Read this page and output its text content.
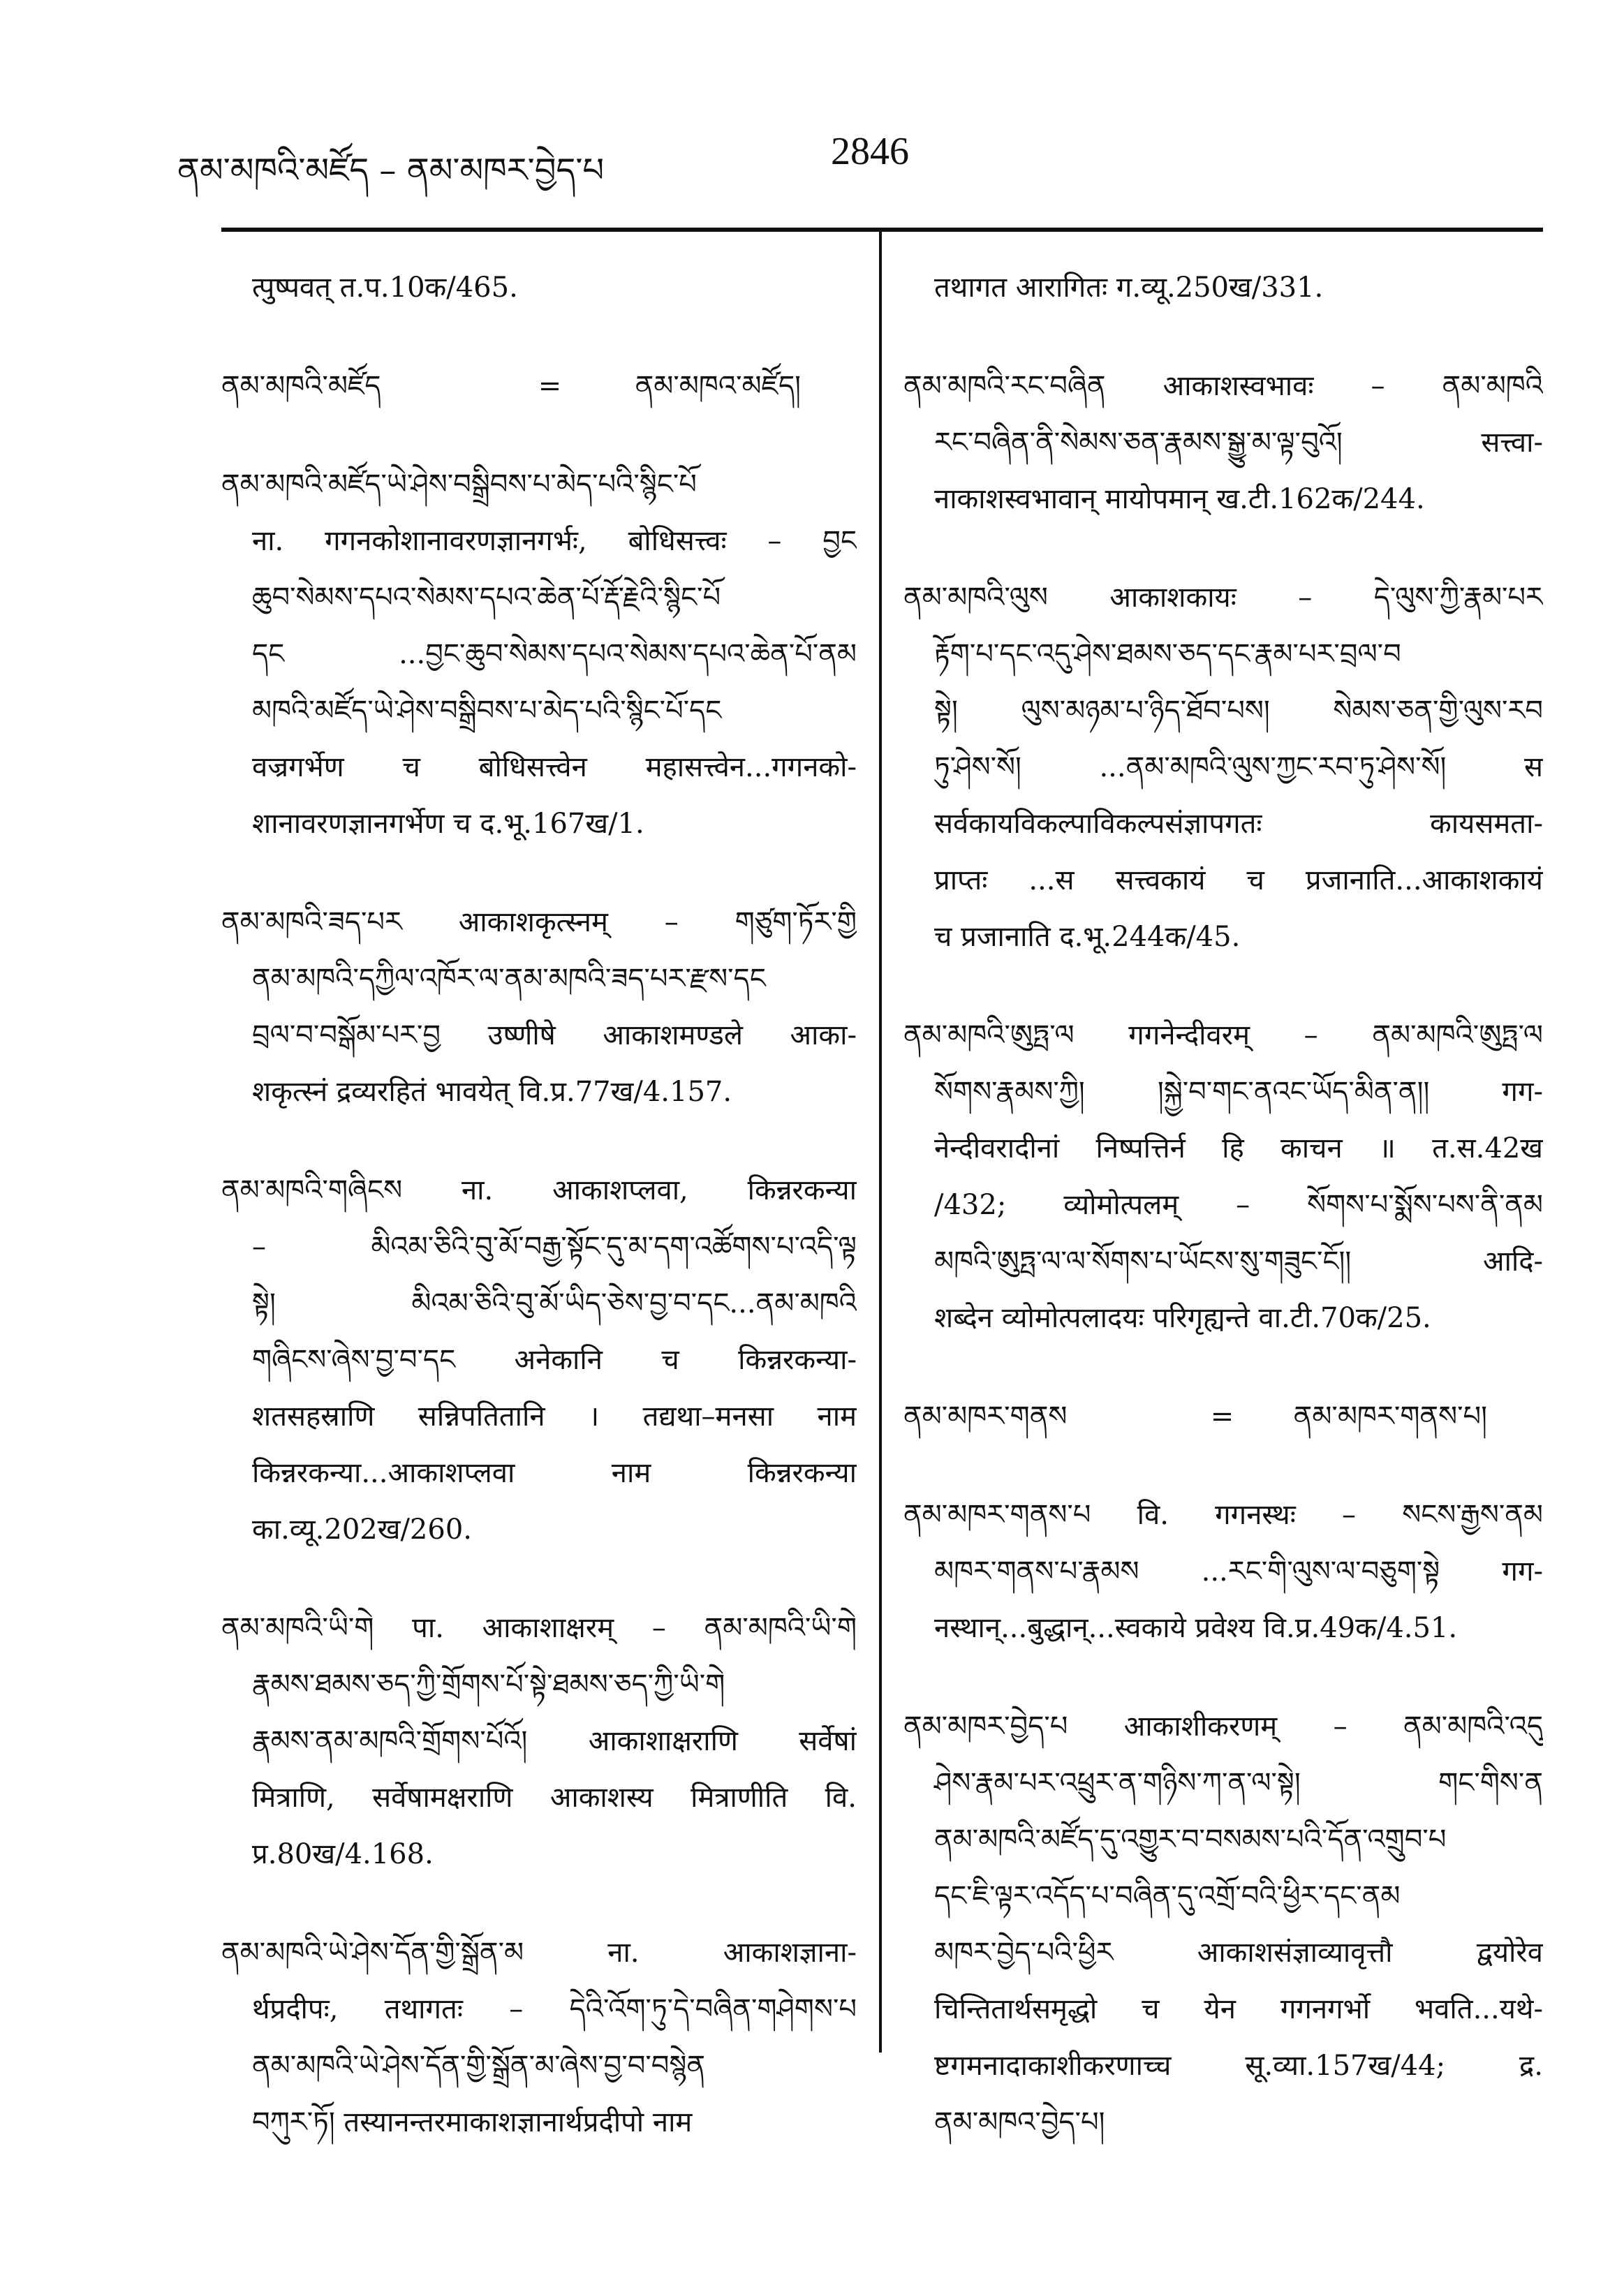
ནམ་མཁའི་མཛོད – ནམ་མཁར་བྱེད་པ	2846
त्पुष्पवत् त.प.10क/465.
ནམ་མཁའི་མཛོད	=	ནམ་མཁའ་མཛོད།
ནམ་མཁའི་མཛོད་ཡེ་ཤེས་བསྒྲིབས་པ་མེད་པའི་སྙིང་པོ
ना. गगनकोशानावरणज्ञानगर्भः, बोधिसत्त्वः – བྱང
ཆུབ་སེམས་དཔའ་སེམས་དཔའ་ཆེན་པོ་རྡོ་རྗེའི་སྙིང་པོ
དང ...བྱང་ཆུབ་སེམས་དཔའ་སེམས་དཔའ་ཆེན་པོ་ནམ
མཁའི་མཛོད་ཡེ་ཤེས་བསྒྲིབས་པ་མེད་པའི་སྙིང་པོ་དང
वज्रगर्भेण च बोधिसत्त्वेन महासत्त्वेन...गगनको-
शानावरणज्ञानगर्भेण च द.भू.167ख/1.
ནམ་མཁའི་ཟད་པར आकाशकृत्स्नम् – གཙུག་ཏོར་གྱི
ནམ་མཁའི་དཀྱིལ་འཁོར་ལ་ནམ་མཁའི་ཟད་པར་རྫས་དང
བྲལ་བ་བསྒོམ་པར་བྱ उष्णीषे आकाशमण्डले आका-
शकृत्स्नं द्रव्यरहितं भावयेत् वि.प्र.77ख/4.157.
ནམ་མཁའི་གཞིངས ना. आकाशप्लवा, किन्नरकन्या
– མིའམ་ཅིའི་བུ་མོ་བརྒྱ་སྟོང་དུ་མ་དག་འཚོགས་པ་འདི་ལྟ
སྟེ། མིའམ་ཅིའི་བུ་མོ་ཡིད་ཅེས་བྱ་བ་དང...ནམ་མཁའི
གཞིངས་ཞེས་བྱ་བ་དང अनेकानि च किन्नरकन्या-
शतसहस्राणि सन्निपतितानि । तद्यथा–मनसा नाम
किन्नरकन्या...आकाशप्लवा नाम किन्नरकन्या
का.व्यू.202ख/260.
ནམ་མཁའི་ཡི་གེ पा. आकाशाक्षरम् – ནམ་མཁའི་ཡི་གེ
རྣམས་ཐམས་ཅད་ཀྱི་གྲོགས་པོ་སྟེ་ཐམས་ཅད་ཀྱི་ཡི་གེ
རྣམས་ནམ་མཁའི་གྲོགས་པོའོ། आकाशाक्षराणि सर्वेषां
मित्राणि, सर्वेषामक्षराणि आकाशस्य मित्राणीति वि.
प्र.80ख/4.168.
ནམ་མཁའི་ཡེ་ཤེས་དོན་གྱི་སྒྲོན་མ ना. आकाशज्ञाना-
र्थप्रदीपः, तथागतः – དེའི་འོག་ཏུ་དེ་བཞིན་གཤེགས་པ
ནམ་མཁའི་ཡེ་ཤེས་དོན་གྱི་སྒྲོན་མ་ཞེས་བྱ་བ་བསྙེན
བཀུར་ཏོ། तस्यानन्तरमाकाशज्ञानार्थप्रदीपो नाम
तथागत आरागितः ग.व्यू.250ख/331.
ནམ་མཁའི་རང་བཞིན आकाशस्वभावः – ནམ་མཁའི
རང་བཞིན་ནི་སེམས་ཅན་རྣམས་སྒྱུ་མ་ལྟ་བུའོ། सत्त्वा-
नाकाशस्वभावान् मायोपमान् ख.टी.162क/244.
ནམ་མཁའི་ལུས आकाशकायः – དེ་ལུས་ཀྱི་རྣམ་པར
རྟོག་པ་དང་འདུ་ཤེས་ཐམས་ཅད་དང་རྣམ་པར་བྲལ་བ
སྟེ། ལུས་མཉམ་པ་ཉིད་ཐོབ་པས། སེམས་ཅན་གྱི་ལུས་རབ
ཏུ་ཤེས་སོ། ...ནམ་མཁའི་ལུས་ཀྱང་རབ་ཏུ་ཤེས་སོ། स
सर्वकायविकल्पाविकल्पसंज्ञापगतः कायसमता-
प्राप्तः ...स सत्त्वकायं च प्रजानाति...आकाशकायं
च प्रजानाति द.भू.244क/45.
ནམ་མཁའི་ཨུཏྤ་ལ गगनेन्दीवरम् – ནམ་མཁའི་ཨུཏྤ་ལ
སོགས་རྣམས་ཀྱི། །སྐྱེ་བ་གང་ནའང་ཡོད་མིན་ན།། गग-
नेन्दीवरादीनां निष्पत्तिर्न हि काचन ॥ त.स.42ख
/432; व्योमोत्पलम् – སོགས་པ་སྨོས་པས་ནི་ནམ
མཁའི་ཨུཏྤ་ལ་ལ་སོགས་པ་ཡོངས་སུ་གཟུང་ངོ།། आदि-
शब्देन व्योमोत्पलादयः परिगृह्यन्ते वा.टी.70क/25.
ནམ་མཁར་གནས	= ནམ་མཁར་གནས་པ།
ནམ་མཁར་གནས་པ वि. गगनस्थः – སངས་རྒྱས་ནམ
མཁར་གནས་པ་རྣམས ...རང་གི་ལུས་ལ་བཅུག་སྟེ गग-
नस्थान्...बुद्धान्...स्वकाये प्रवेश्य वि.प्र.49क/4.51.
ནམ་མཁར་བྱེད་པ आकाशीकरणम् – ནམ་མཁའི་འདུ
ཤེས་རྣམ་པར་འཕྲུར་ན་གཉིས་ཀ་ན་ལ་སྟེ། གང་གིས་ན
ནམ་མཁའི་མཛོད་དུ་འགྱུར་བ་བསམས་པའི་དོན་འགྲུབ་པ
དང་ཇི་ལྟར་འདོད་པ་བཞིན་དུ་འགྲོ་བའི་ཕྱིར་དང་ནམ
མཁར་བྱེད་པའི་ཕྱིར आकाशसंज्ञाव्यावृत्तौ द्वयोरेव
चिन्तितार्थसमृद्धो च येन गगनगर्भो भवति...यथे-
ष्टगमनादाकाशीकरणाच्च सू.व्या.157ख/44; द्र.
ནམ་མཁའ་བྱེད་པ།
